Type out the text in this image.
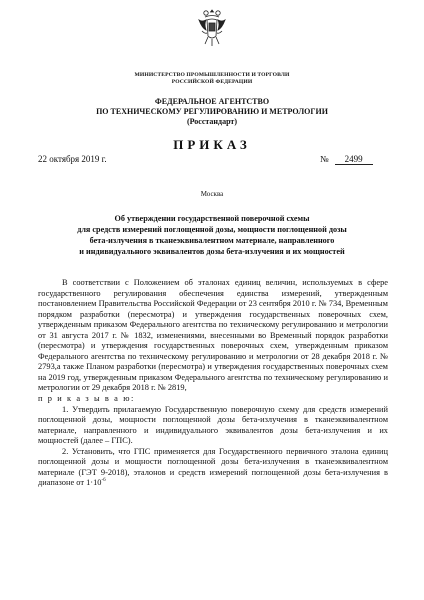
МИНИСТЕРСТВО ПРОМЫШЛЕННОСТИ И ТОРГОВЛИ
РОССИЙСКОЙ ФЕДЕРАЦИИ
ФЕДЕРАЛЬНОЕ АГЕНТСТВО
ПО ТЕХНИЧЕСКОМУ РЕГУЛИРОВАНИЮ И МЕТРОЛОГИИ
(Росстандарт)
ПРИКАЗ
22 октября 2019 г.	№ 2499
Москва
Об утверждении государственной поверочной схемы
для средств измерений поглощенной дозы, мощности поглощенной дозы
бета-излучения в тканеэквивалентном материале, направленного
и индивидуального эквивалентов дозы бета-излучения и их мощностей

В соответствии с Положением об эталонах единиц величин, используемых в сфере государственного регулирования обеспечения единства измерений, утвержденным постановлением Правительства Российской Федерации от 23 сентября 2010 г. № 734, Временным порядком разработки (пересмотра) и утверждения государственных поверочных схем, утвержденным приказом Федерального агентства по техническому регулированию и метрологии от 31 августа 2017 г. № 1832, изменениями, внесенными во Временный порядок разработки (пересмотра) и утверждения государственных поверочных схем, утвержденным приказом Федерального агентства по техническому регулированию и метрологии от 28 декабря 2018 г. № 2793,а также Планом разработки (пересмотра) и утверждения государственных поверочных схем на 2019 год, утвержденным приказом Федерального агентства по техническому регулированию и метрологии от 29 декабря 2018 г. № 2819,

п р и к а з ы в а ю:

1. Утвердить прилагаемую Государственную поверочную схему для средств измерений поглощенной дозы, мощности поглощенной дозы бета-излучения в тканеэквивалентном материале, направленного и индивидуального эквивалентов дозы бета-излучения и их мощностей (далее – ГПС).

2. Установить, что ГПС применяется для Государственного первичного эталона единиц поглощенной дозы и мощности поглощенной дозы бета-излучения в тканеэквивалентном материале (ГЭТ 9-2018), эталонов и средств измерений поглощенной дозы бета-излучения в диапазоне от $1\cdot 10^{-6}$
